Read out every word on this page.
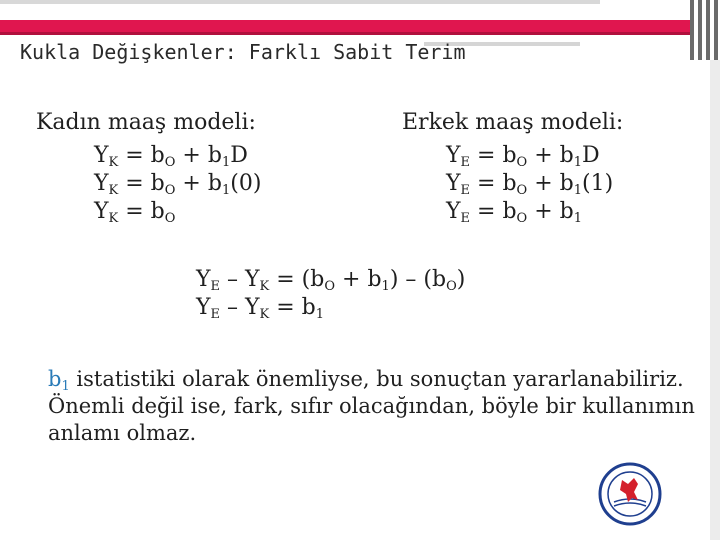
Kukla Değişkenler: Farklı Sabit Terim
Kadın maaş modeli:	Erkek maaş modeli:
$Y_K = b_O + b_1D$
$Y_K = b_O + b_1(0)$
$Y_K = b_O$
$Y_E = b_O + b_1D$
$Y_E = b_O + b_1(1)$
$Y_E = b_O + b_1$
$Y_E - Y_K = (b_O + b_1) - (b_O)$
$Y_E - Y_K = b_1$
$b_1$ istatistiki olarak önemliyse, bu sonuçtan yararlanabiliriz.
Önemli değil ise, fark, sıfır olacağından, böyle bir kullanımın anlamı olmaz.
